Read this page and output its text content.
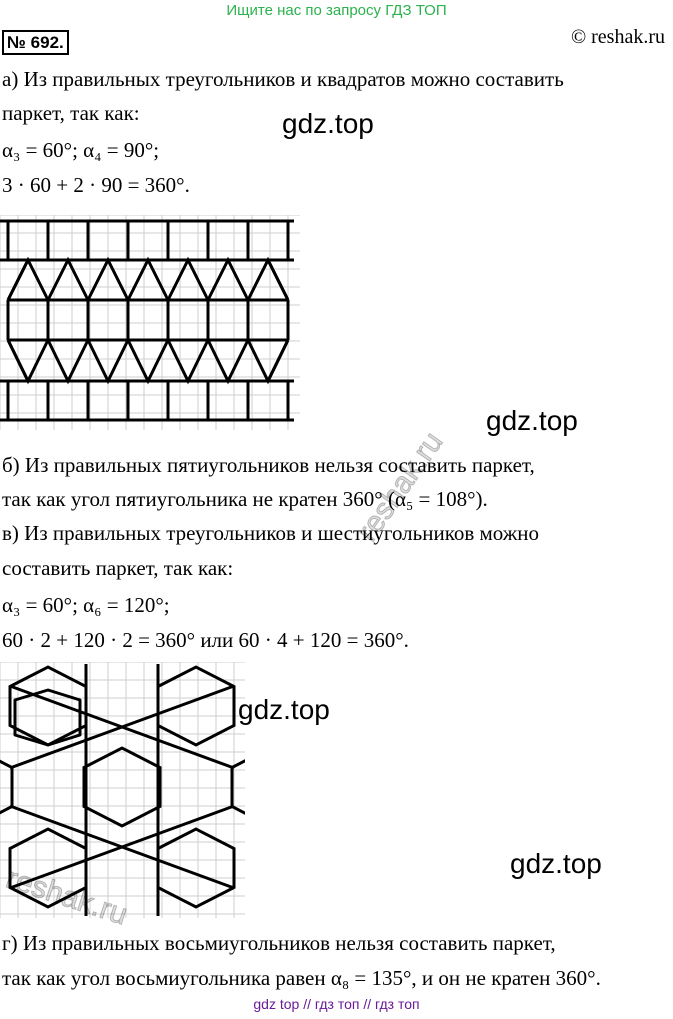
Ищите нас по запросу ГДЗ ТОП
№ 692.	© reshak.ru
а) Из правильных треугольников и квадратов можно составить
паркет, так как:
α₃ = 60°; α₄ = 90°;
3 · 60 + 2 · 90 = 360°.
gdz.top
gdz.top
б) Из правильных пятиугольников нельзя составить паркет,
так как угол пятиугольника не кратен 360° (α₅ = 108°).
в) Из правильных треугольников и шестиугольников можно
составить паркет, так как:
α₃ = 60°; α₆ = 120°;
60 · 2 + 120 · 2 = 360° или 60 · 4 + 120 = 360°.
gdz.top
gdz.top
reshak.ru
reshak.ru
г) Из правильных восьмиугольников нельзя составить паркет,
так как угол восьмиугольника равен α₈ = 135°, и он не кратен 360°.
gdz top // гдз топ // гдз топ
